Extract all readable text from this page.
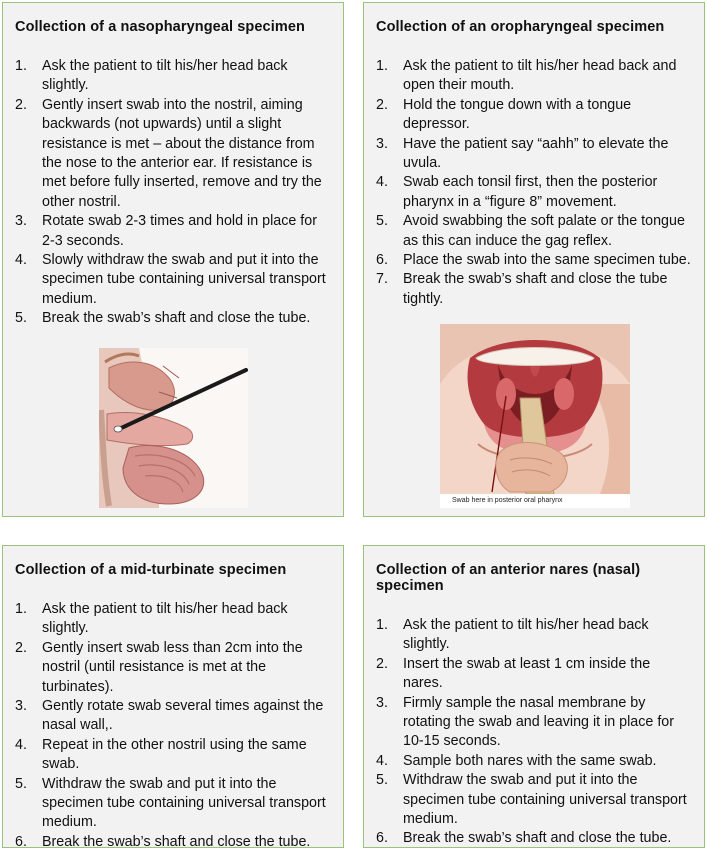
Collection of a nasopharyngeal specimen
1. Ask the patient to tilt his/her head back slightly.
2. Gently insert swab into the nostril, aiming backwards (not upwards) until a slight resistance is met – about the distance from the nose to the anterior ear. If resistance is met before fully inserted, remove and try the other nostril.
3. Rotate swab 2-3 times and hold in place for 2-3 seconds.
4. Slowly withdraw the swab and put it into the specimen tube containing universal transport medium.
5. Break the swab’s shaft and close the tube.
Collection of an oropharyngeal specimen
1. Ask the patient to tilt his/her head back and open their mouth.
2. Hold the tongue down with a tongue depressor.
3. Have the patient say “aahh” to elevate the uvula.
4. Swab each tonsil first, then the posterior pharynx in a “figure 8” movement.
5. Avoid swabbing the soft palate or the tongue as this can induce the gag reflex.
6. Place the swab into the same specimen tube.
7. Break the swab’s shaft and close the tube tightly.
Swab here in posterior oral pharynx
Collection of a mid-turbinate specimen
1. Ask the patient to tilt his/her head back slightly.
2. Gently insert swab less than 2cm into the nostril (until resistance is met at the turbinates).
3. Gently rotate swab several times against the nasal wall,.
4. Repeat in the other nostril using the same swab.
5. Withdraw the swab and put it into the specimen tube containing universal transport medium.
6. Break the swab’s shaft and close the tube.
Collection of an anterior nares (nasal) specimen
1. Ask the patient to tilt his/her head back slightly.
2. Insert the swab at least 1 cm inside the nares.
3. Firmly sample the nasal membrane by rotating the swab and leaving it in place for 10-15 seconds.
4. Sample both nares with the same swab.
5. Withdraw the swab and put it into the specimen tube containing universal transport medium.
6. Break the swab’s shaft and close the tube.
